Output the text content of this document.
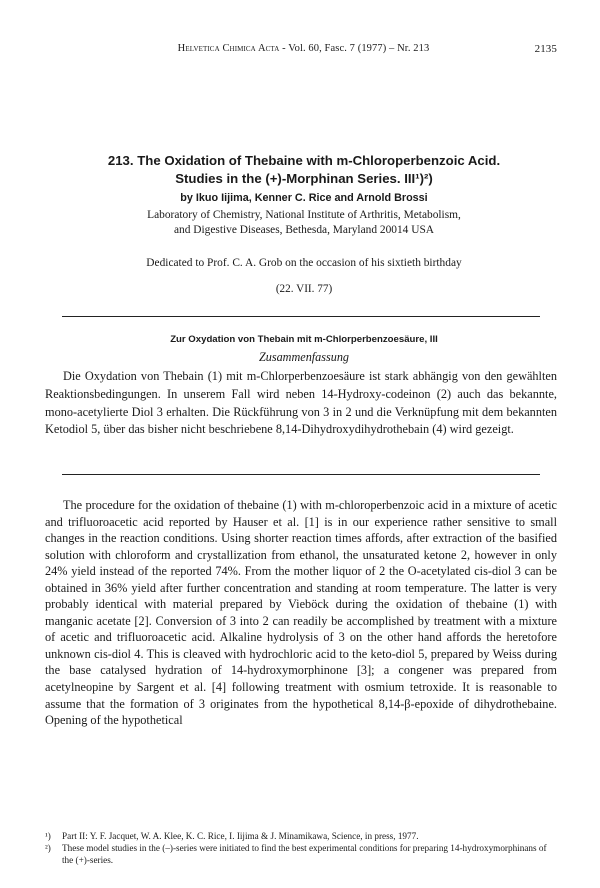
Helvetica Chimica Acta - Vol. 60, Fasc. 7 (1977) – Nr. 213	2135
213. The Oxidation of Thebaine with m-Chloroperbenzoic Acid.
Studies in the (+)-Morphinan Series. III¹)²)
by Ikuo Iijima, Kenner C. Rice and Arnold Brossi
Laboratory of Chemistry, National Institute of Arthritis, Metabolism,
and Digestive Diseases, Bethesda, Maryland 20014 USA
Dedicated to Prof. C. A. Grob on the occasion of his sixtieth birthday
(22. VII. 77)
Zur Oxydation von Thebain mit m-Chlorperbenzoesäure, III
Zusammenfassung

Die Oxydation von Thebain (1) mit m-Chlorperbenzoesäure ist stark abhängig von den gewählten Reaktionsbedingungen. In unserem Fall wird neben 14-Hydroxy-codeinon (2) auch das bekannte, mono-acetylierte Diol 3 erhalten. Die Rückführung von 3 in 2 und die Verknüpfung mit dem bekannten Ketodiol 5, über das bisher nicht beschriebene 8,14-Dihydroxydihydrothebain (4) wird gezeigt.

The procedure for the oxidation of thebaine (1) with m-chloroperbenzoic acid in a mixture of acetic and trifluoroacetic acid reported by Hauser et al. [1] is in our experience rather sensitive to small changes in the reaction conditions. Using shorter reaction times affords, after extraction of the basified solution with chloroform and crystallization from ethanol, the unsaturated ketone 2, however in only 24% yield instead of the reported 74%. From the mother liquor of 2 the O-acetylated cis-diol 3 can be obtained in 36% yield after further concentration and standing at room temperature. The latter is very probably identical with material prepared by Vieböck during the oxidation of thebaine (1) with manganic acetate [2]. Conversion of 3 into 2 can readily be accomplished by treatment with a mixture of acetic and trifluoroacetic acid. Alkaline hydrolysis of 3 on the other hand affords the heretofore unknown cis-diol 4. This is cleaved with hydrochloric acid to the keto-diol 5, prepared by Weiss during the base catalysed hydration of 14-hydroxymorphinone [3]; a congener was prepared from acetylneopine by Sargent et al. [4] following treatment with osmium tetroxide. It is reasonable to assume that the formation of 3 originates from the hypothetical 8,14-β-epoxide of dihydrothebaine. Opening of the hypothetical

¹)	Part II: Y. F. Jacquet, W. A. Klee, K. C. Rice, I. Iijima & J. Minamikawa, Science, in press, 1977.
²)	These model studies in the (–)-series were initiated to find the best experimental conditions for preparing 14-hydroxymorphinans of the (+)-series.
